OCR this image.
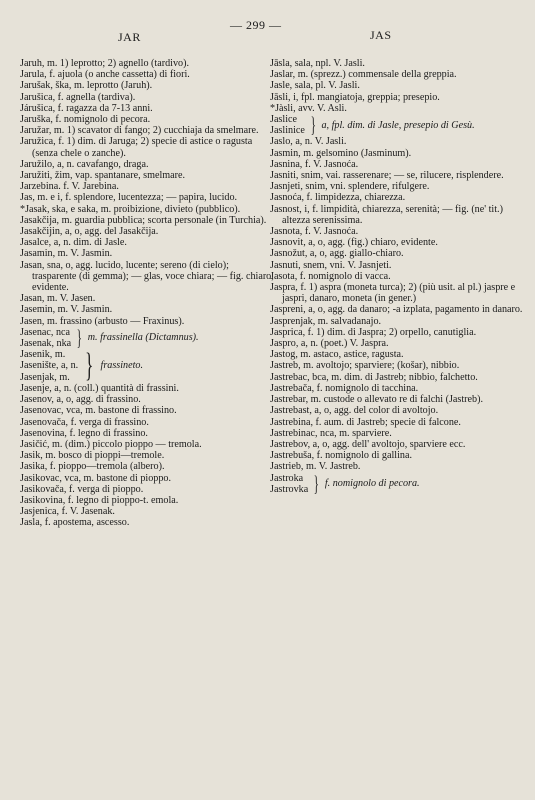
JAR
— 299 —
JAS
Jaruh, m. 1) leprotto; 2) agnello (tardivo).
Jarula, f. ajuola (o anche cassetta) di fiori.
Jarušak, ška, m. leprotto (Jaruh).
Jarušica, f. agnella (tardiva).
Járušica, f. ragazza da 7-13 anni.
Jaruška, f. nomignolo di pecora.
Jaružar, m. 1) scavator di fango; 2) cucchiaja da smelmare.
Jaružica, f. 1) dim. di Jaruga; 2) specie di astice o ragusta (senza chele o zanche).
Jaružilo, a, n. cavafango, draga.
Jaružiti, žim, vap. spantanare, smelmare.
Jarzebina. f. V. Jarebina.
Jas, m. e i, f. splendore, lucentezza; — papira, lucido.
*Jasak, ska, e saka, m. proibizione, divieto (pubblico).
Jasakčija, m. guardia pubblica; scorta personale (in Turchia).
Jasakčijin, a, o, agg. del Jasakčija.
Jasalce, a, n. dim. di Jasle.
Jasamin, m. V. Jasmin.
Jasan, sna, o, agg. lucido, lucente; sereno (di cielo); trasparente (di gemma); — glas, voce chiara; — fig. chiaro, evidente.
Jasan, m. V. Jasen.
Jasemin, m. V. Jasmin.
Jasen, m. frassino (arbusto — Fraxinus).
Jasenac, nca
Jasenak, nka } m. frassinella (Dictamnus).
Jasenik, m.
Jasenište, a, n.
Jasenjak, m. } frassineto.
Jasenje, a, n. (coll.) quantità di frassini.
Jasenov, a, o, agg. di frassino.
Jasenovac, vca, m. bastone di frassino.
Jasenovača, f. verga di frassino.
Jasenovina, f. legno di frassino.
Jasičić, m. (dim.) piccolo pioppo — tremola.
Jasik, m. bosco di pioppi—tremole.
Jasika, f. pioppo—tremola (albero).
Jasikovac, vca, m. bastone di pioppo.
Jasikovača, f. verga di pioppo.
Jasikovina, f. legno di pioppo-t. emola.
Jasjenica, f. V. Jasenak.
Jasla, f. apostema, ascesso.
Jāsla, sala, npl. V. Jasli.
Jaslar, m. (sprezz.) commensale della greppia.
Jasle, sala, pl. V. Jasli.
Jāsli, i, fpl. mangiatoja, greppia; presepio.
*Jàsli, avv. V. Asli.
Jaslice
Jaslinice } a, fpl. dim. di Jasle, presepio di Gesù.
Jaslo, a, n. V. Jasli.
Jasmin, m. gelsomino (Jasminum).
Jasnina, f. V. Jasnoća.
Jasniti, snim, vai. rasserenare; — se, rilucere, risplendere.
Jasnjeti, snim, vni. splendere, rifulgere.
Jasnoća, f. limpidezza, chiarezza.
Jasnost, i, f. limpidità, chiarezza, serenità; — fig. (ne' tit.) altezza serenissima.
Jasnota, f. V. Jasnoća.
Jasnovit, a, o, agg. (fig.) chiaro, evidente.
Jasnožut, a, o, agg. giallo-chiaro.
Jasnuti, snem, vni. V. Jasnjeti.
Jasota, f. nomignolo di vacca.
Jaspra, f. 1) aspra (moneta turca); 2) (più usit. al pl.) jaspre e jaspri, danaro, moneta (in gener.)
Jaspreni, a, o, agg. da danaro; -a izplata, pagamento in danaro.
Jasprenjak, m. salvadanajo.
Jasprica, f. 1) dim. di Jaspra; 2) orpello, canutiglia.
Jaspro, a, n. (poet.) V. Jaspra.
Jastog, m. astaco, astice, ragusta.
Jastreb, m. avoltojo; sparviere; (košar), nibbio.
Jastrebac, bca, m. dim. di Jastreb; nibbio, falchetto.
Jastrebača, f. nomignolo di tacchina.
Jastrebar, m. custode o allevato re di falchi (Jastreb).
Jastrebast, a, o, agg. del color di avoltojo.
Jastrebina, f. aum. di Jastreb; specie di falcone.
Jastrebinac, nca, m. sparviere.
Jastrebov, a, o, agg. dell' avoltojo, sparviere ecc.
Jastrebuša, f. nomignolo di gallina.
Jastrieb, m. V. Jastreb.
Jastroka
Jastrovka } f. nomignolo di pecora.
